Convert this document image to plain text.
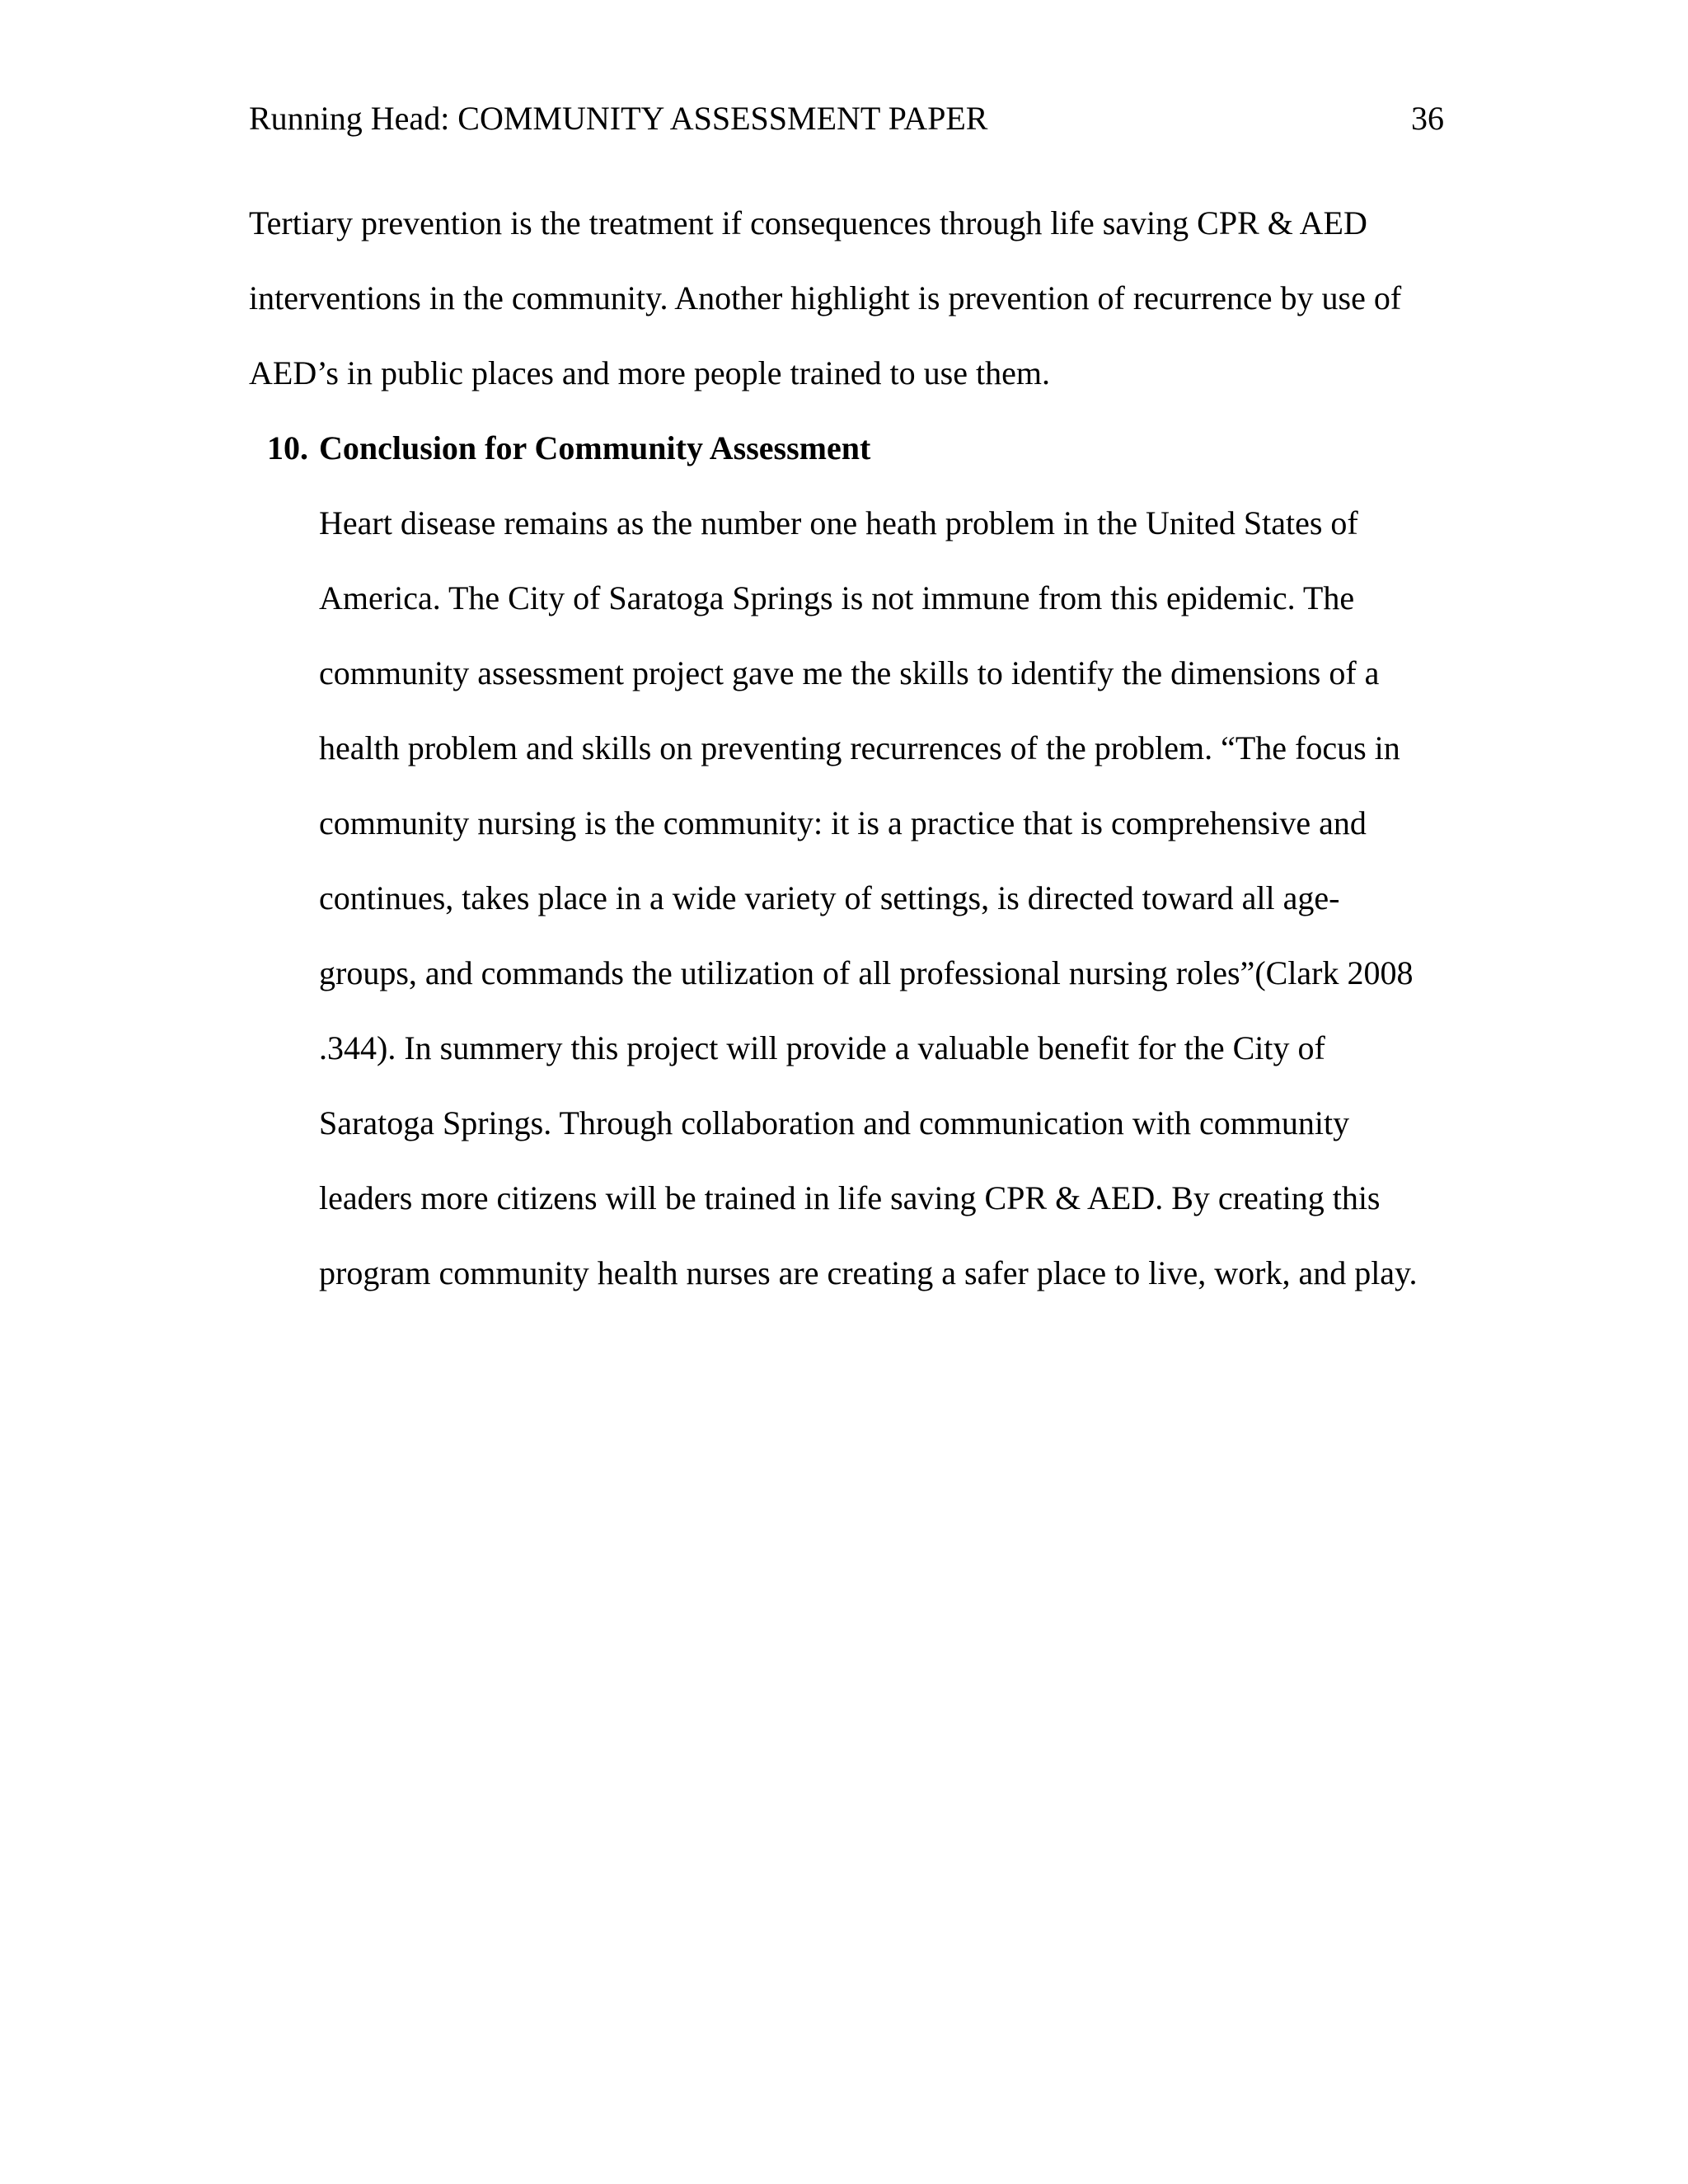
Running Head: COMMUNITY ASSESSMENT PAPER	36
Tertiary prevention is the treatment if consequences through life saving CPR & AED
interventions in the community. Another highlight is prevention of recurrence by use of
AED’s in public places and more people trained to use them.
10. Conclusion for Community Assessment
Heart disease remains as the number one heath problem in the United States of
America. The City of Saratoga Springs is not immune from this epidemic. The
community assessment project gave me the skills to identify the dimensions of a
health problem and skills on preventing recurrences of the problem. “The focus in
community nursing is the community: it is a practice that is comprehensive and
continues, takes place in a wide variety of settings, is directed toward all age-
groups, and commands the utilization of all professional nursing roles”(Clark 2008
.344). In summery this project will provide a valuable benefit for the City of
Saratoga Springs. Through collaboration and communication with community
leaders more citizens will be trained in life saving CPR & AED. By creating this
program community health nurses are creating a safer place to live, work, and play.
